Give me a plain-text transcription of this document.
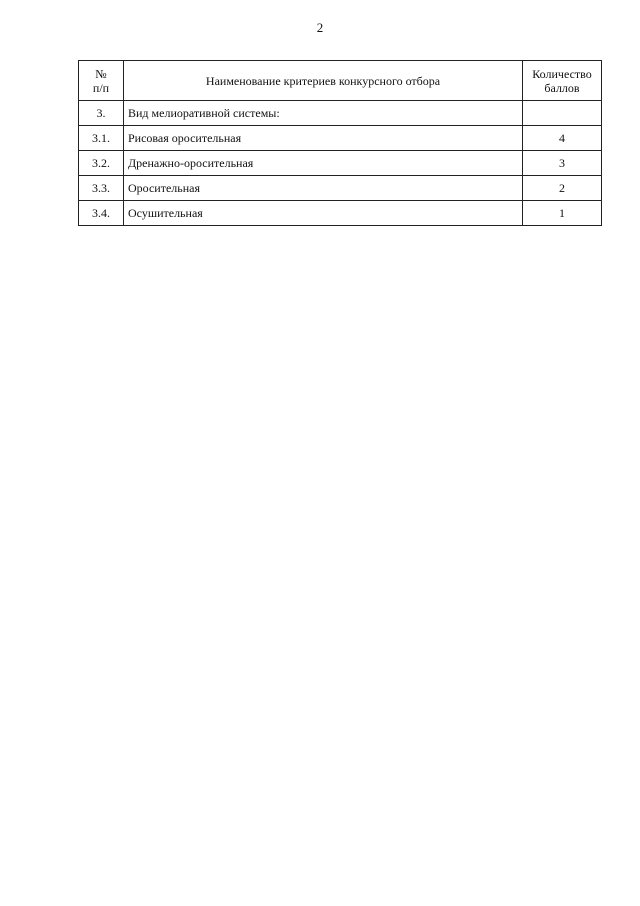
2
№
п/п	Наименование критериев конкурсного отбора	Количество
баллов

3.	Вид мелиоративной системы:	
3.1.	Рисовая оросительная	4
3.2.	Дренажно-оросительная	3
3.3.	Оросительная	2
3.4.	Осушительная	1
